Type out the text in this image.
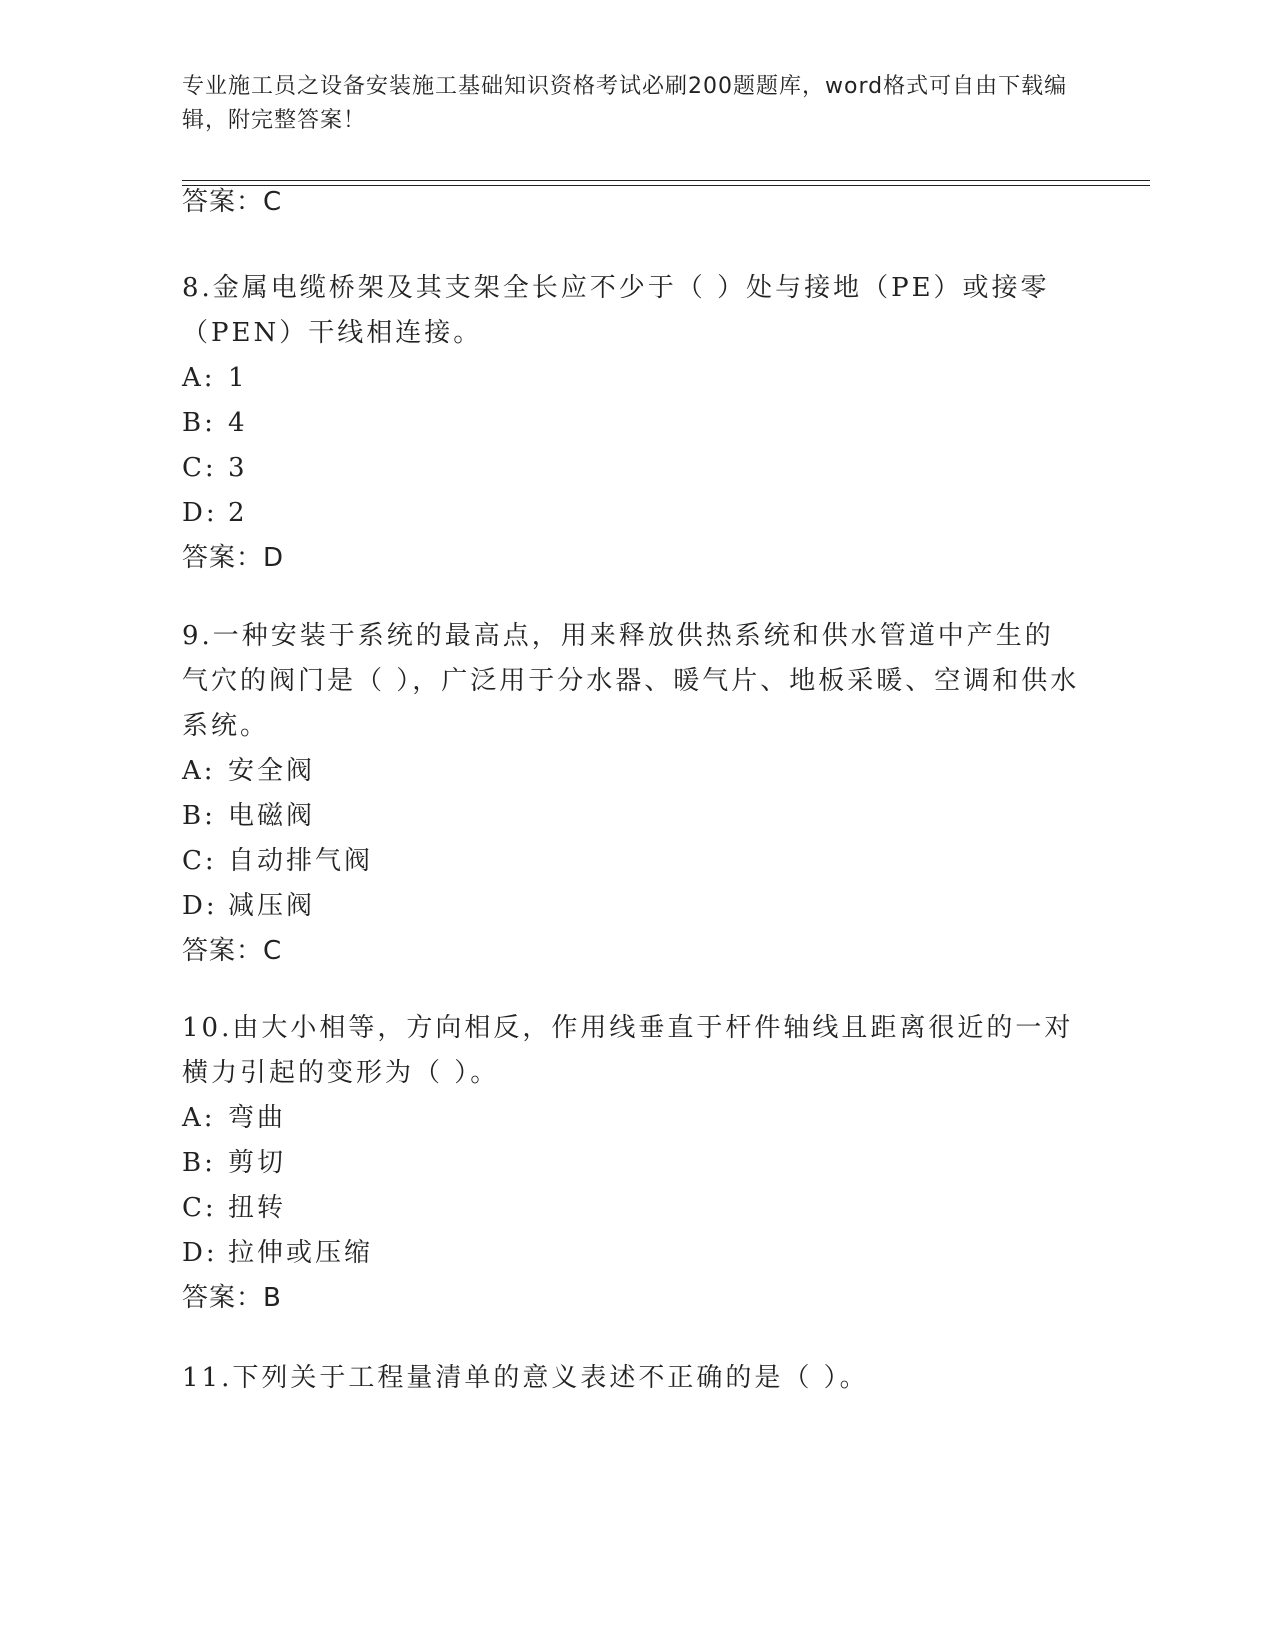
专业施工员之设备安装施工基础知识资格考试必刷200题题库，word格式可自由下载编辑，附完整答案！
答案：C

8.金属电缆桥架及其支架全长应不少于（ ）处与接地（PE）或接零（PEN）干线相连接。

A : 1
B : 4
C : 3
D : 2
答案：D

9.一种安装于系统的最高点，用来释放供热系统和供水管道中产生的气穴的阀门是（ ），广泛用于分水器、暖气片、地板采暖、空调和供水系统。

A : 安全阀
B : 电磁阀
C : 自动排气阀
D : 减压阀
答案：C

10.由大小相等，方向相反，作用线垂直于杆件轴线且距离很近的一对横力引起的变形为（ ）。

A : 弯曲
B : 剪切
C : 扭转
D : 拉伸或压缩
答案：B

11.下列关于工程量清单的意义表述不正确的是（ ）。
